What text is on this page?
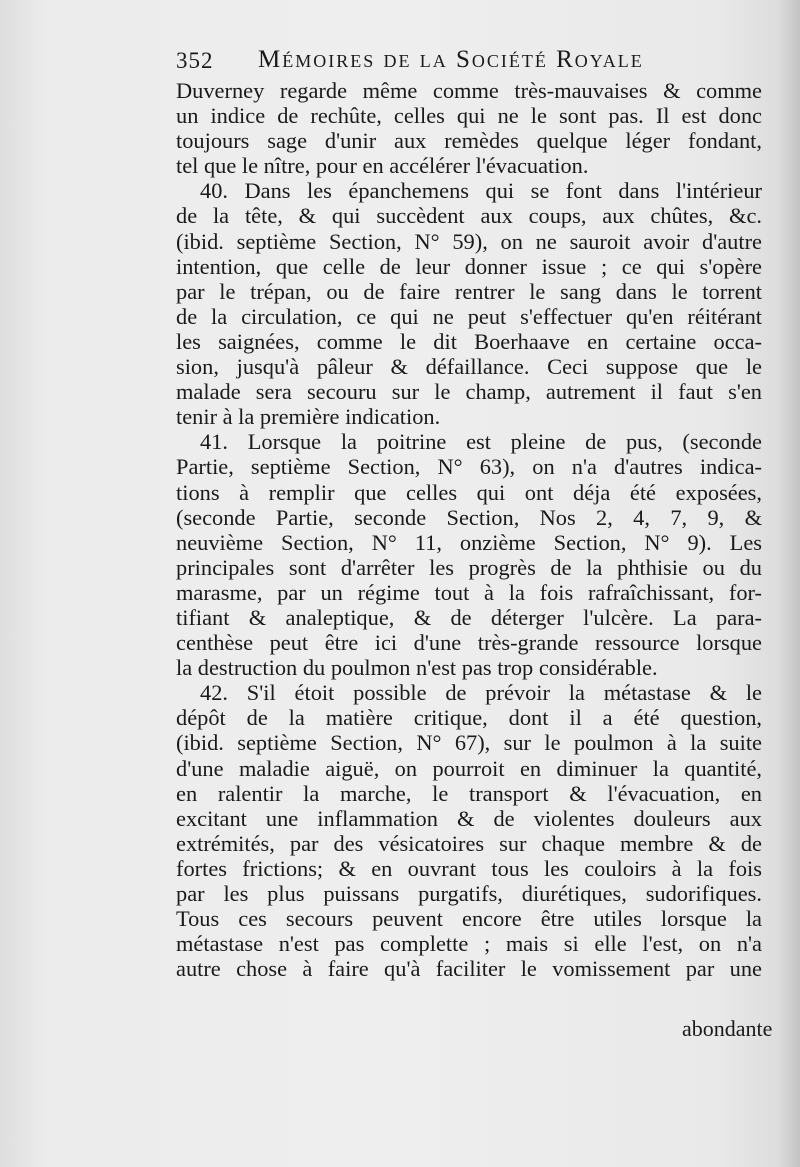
352 Mémoires de la Société Royale
Duverney regarde même comme très-mauvaises & comme
un indice de rechûte, celles qui ne le sont pas. Il est donc
toujours sage d'unir aux remèdes quelque léger fondant,
tel que le nître, pour en accélérer l'évacuation.
40. Dans les épanchemens qui se font dans l'intérieur
de la tête, & qui succèdent aux coups, aux chûtes, &c.
(ibid. septième Section, N° 59), on ne sauroit avoir d'autre
intention, que celle de leur donner issue ; ce qui s'opère
par le trépan, ou de faire rentrer le sang dans le torrent
de la circulation, ce qui ne peut s'effectuer qu'en réitérant
les saignées, comme le dit Boerhaave en certaine occa-
sion, jusqu'à pâleur & défaillance. Ceci suppose que le
malade sera secouru sur le champ, autrement il faut s'en
tenir à la première indication.
41. Lorsque la poitrine est pleine de pus, (seconde
Partie, septième Section, N° 63), on n'a d'autres indica-
tions à remplir que celles qui ont déja été exposées,
(seconde Partie, seconde Section, Nos 2, 4, 7, 9, &
neuvième Section, N° 11, onzième Section, N° 9). Les
principales sont d'arrêter les progrès de la phthisie ou du
marasme, par un régime tout à la fois rafraîchissant, for-
tifiant & analeptique, & de déterger l'ulcère. La para-
centhèse peut être ici d'une très-grande ressource lorsque
la destruction du poulmon n'est pas trop considérable.
42. S'il étoit possible de prévoir la métastase & le
dépôt de la matière critique, dont il a été question,
(ibid. septième Section, N° 67), sur le poulmon à la suite
d'une maladie aiguë, on pourroit en diminuer la quantité,
en ralentir la marche, le transport & l'évacuation, en
excitant une inflammation & de violentes douleurs aux
extrémités, par des vésicatoires sur chaque membre & de
fortes frictions; & en ouvrant tous les couloirs à la fois
par les plus puissans purgatifs, diurétiques, sudorifiques.
Tous ces secours peuvent encore être utiles lorsque la
métastase n'est pas complette ; mais si elle l'est, on n'a
autre chose à faire qu'à faciliter le vomissement par une
abondante
